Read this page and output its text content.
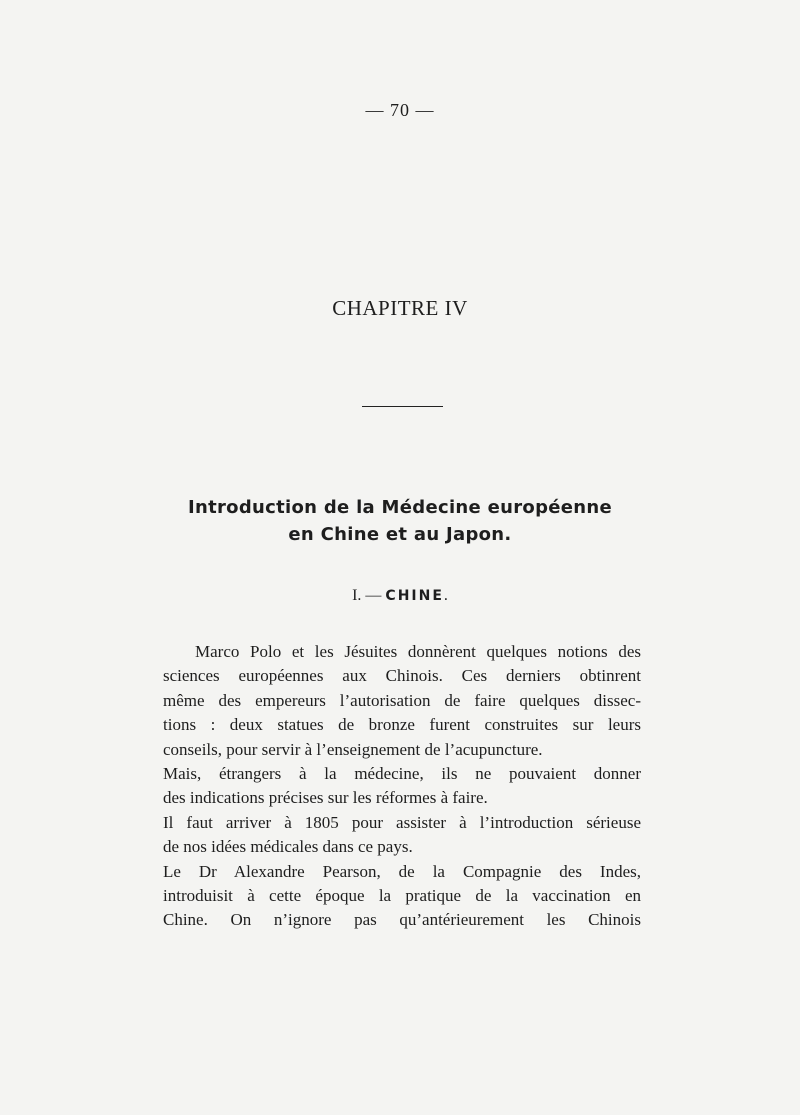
— 70 —
CHAPITRE IV
Introduction de la Médecine européenne
en Chine et au Japon.
I. — CHINE.
Marco Polo et les Jésuites donnèrent quelques notions des
sciences européennes aux Chinois. Ces derniers obtinrent
même des empereurs l’autorisation de faire quelques dissec-
tions : deux statues de bronze furent construites sur leurs
conseils, pour servir à l’enseignement de l’acupuncture.
Mais, étrangers à la médecine, ils ne pouvaient donner
des indications précises sur les réformes à faire.
Il faut arriver à 1805 pour assister à l’introduction sérieuse
de nos idées médicales dans ce pays.
Le Dr Alexandre Pearson, de la Compagnie des Indes,
introduisit à cette époque la pratique de la vaccination en
Chine. On n’ignore pas qu’antérieurement les Chinois
